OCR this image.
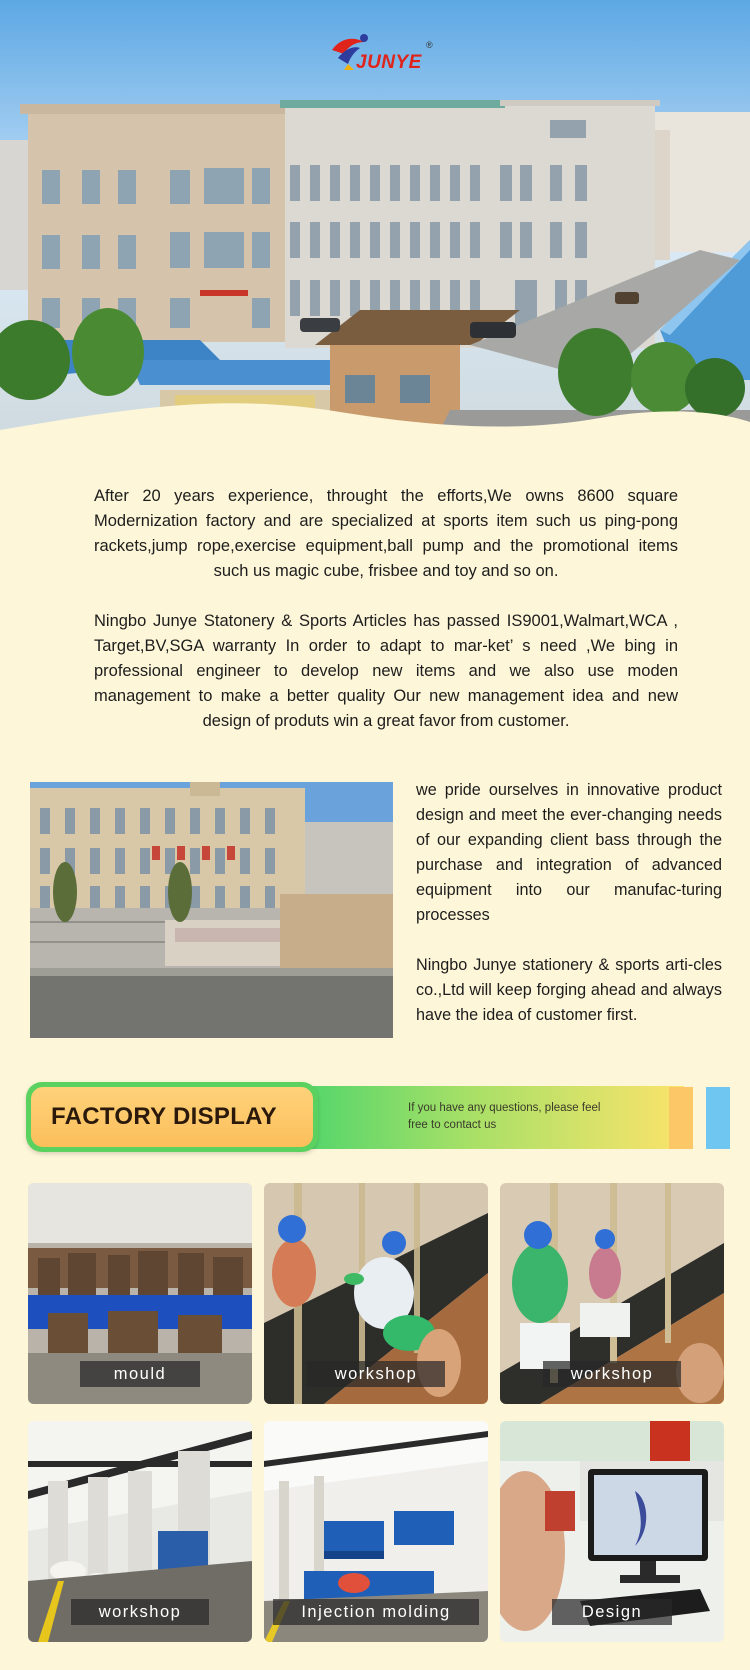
JUNYE
®

After 20 years experience, throught the efforts,We owns 8600 square Modernization factory and are specialized at sports item such us ping-pong rackets,jump rope,exercise equipment,ball pump and the promotional items such us magic cube, frisbee and toy and so on.

Ningbo Junye Statonery & Sports Articles has passed IS9001,Walmart,WCA , Target,BV,SGA warranty In order to adapt to mar-ket’ s need ,We bing in professional engineer to develop new items and we also use moden management to make a better quality Our new management idea and new design of produts win a great favor from customer.

we pride ourselves in innovative product design and meet the ever-changing needs of our expanding client bass through the purchase and integration of advanced equipment into our manufac-turing processes

Ningbo Junye stationery & sports arti-cles co.,Ltd will keep forging ahead and always have the idea of customer first.

FACTORY DISPLAY	If you have any questions, please feel free to contact us
mould	workshop	workshop
workshop	Injection molding	Design
